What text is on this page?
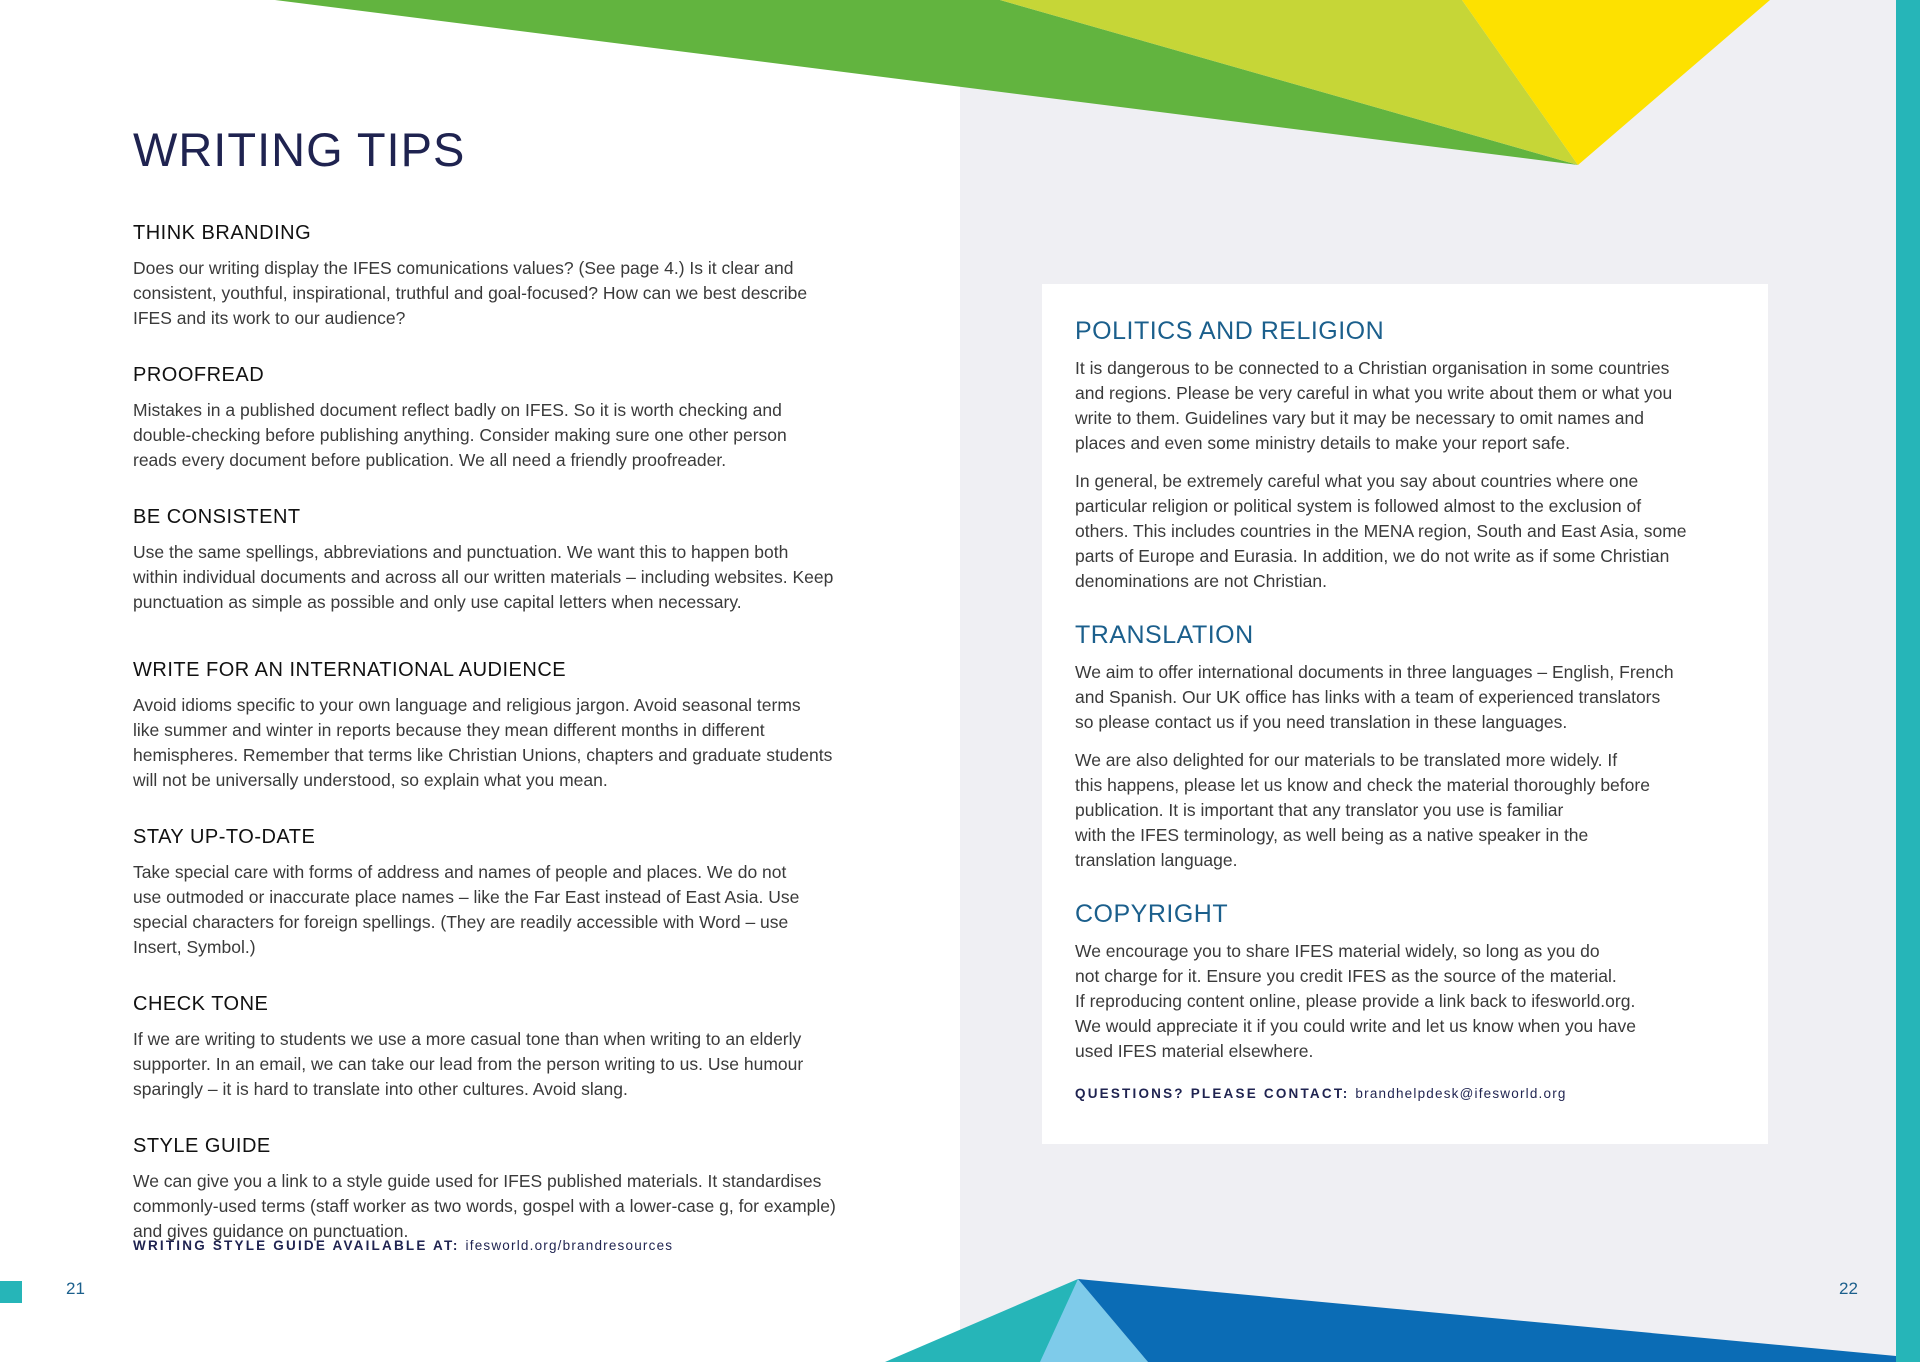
WRITING TIPS
THINK BRANDING

Does our writing display the IFES comunications values? (See page 4.) Is it clear and
consistent, youthful, inspirational, truthful and goal-focused? How can we best describe
IFES and its work to our audience?

PROOFREAD

Mistakes in a published document reflect badly on IFES. So it is worth checking and
double-checking before publishing anything. Consider making sure one other person
reads every document before publication. We all need a friendly proofreader.

BE CONSISTENT

Use the same spellings, abbreviations and punctuation. We want this to happen both
within individual documents and across all our written materials – including websites. Keep
punctuation as simple as possible and only use capital letters when necessary.

WRITE FOR AN INTERNATIONAL AUDIENCE

Avoid idioms specific to your own language and religious jargon. Avoid seasonal terms
like summer and winter in reports because they mean different months in different
hemispheres. Remember that terms like Christian Unions, chapters and graduate students
will not be universally understood, so explain what you mean.

STAY UP-TO-DATE

Take special care with forms of address and names of people and places. We do not
use outmoded or inaccurate place names – like the Far East instead of East Asia. Use
special characters for foreign spellings. (They are readily accessible with Word – use
Insert, Symbol.)

CHECK TONE

If we are writing to students we use a more casual tone than when writing to an elderly
supporter. In an email, we can take our lead from the person writing to us. Use humour
sparingly – it is hard to translate into other cultures. Avoid slang.

STYLE GUIDE

We can give you a link to a style guide used for IFES published materials. It standardises
commonly-used terms (staff worker as two words, gospel with a lower-case g, for example)
and gives guidance on punctuation.

WRITING STYLE GUIDE AVAILABLE AT: ifesworld.org/brandresources
21	22
POLITICS AND RELIGION

It is dangerous to be connected to a Christian organisation in some countries
and regions. Please be very careful in what you write about them or what you
write to them. Guidelines vary but it may be necessary to omit names and
places and even some ministry details to make your report safe.

In general, be extremely careful what you say about countries where one
particular religion or political system is followed almost to the exclusion of
others. This includes countries in the MENA region, South and East Asia, some
parts of Europe and Eurasia. In addition, we do not write as if some Christian
denominations are not Christian.

TRANSLATION

We aim to offer international documents in three languages – English, French
and Spanish. Our UK office has links with a team of experienced translators
so please contact us if you need translation in these languages.

We are also delighted for our materials to be translated more widely. If
this happens, please let us know and check the material thoroughly before
publication. It is important that any translator you use is familiar
with the IFES terminology, as well being as a native speaker in the
translation language.

COPYRIGHT

We encourage you to share IFES material widely, so long as you do
not charge for it. Ensure you credit IFES as the source of the material.
If reproducing content online, please provide a link back to ifesworld.org.
We would appreciate it if you could write and let us know when you have
used IFES material elsewhere.

QUESTIONS? PLEASE CONTACT: brandhelpdesk@ifesworld.org
